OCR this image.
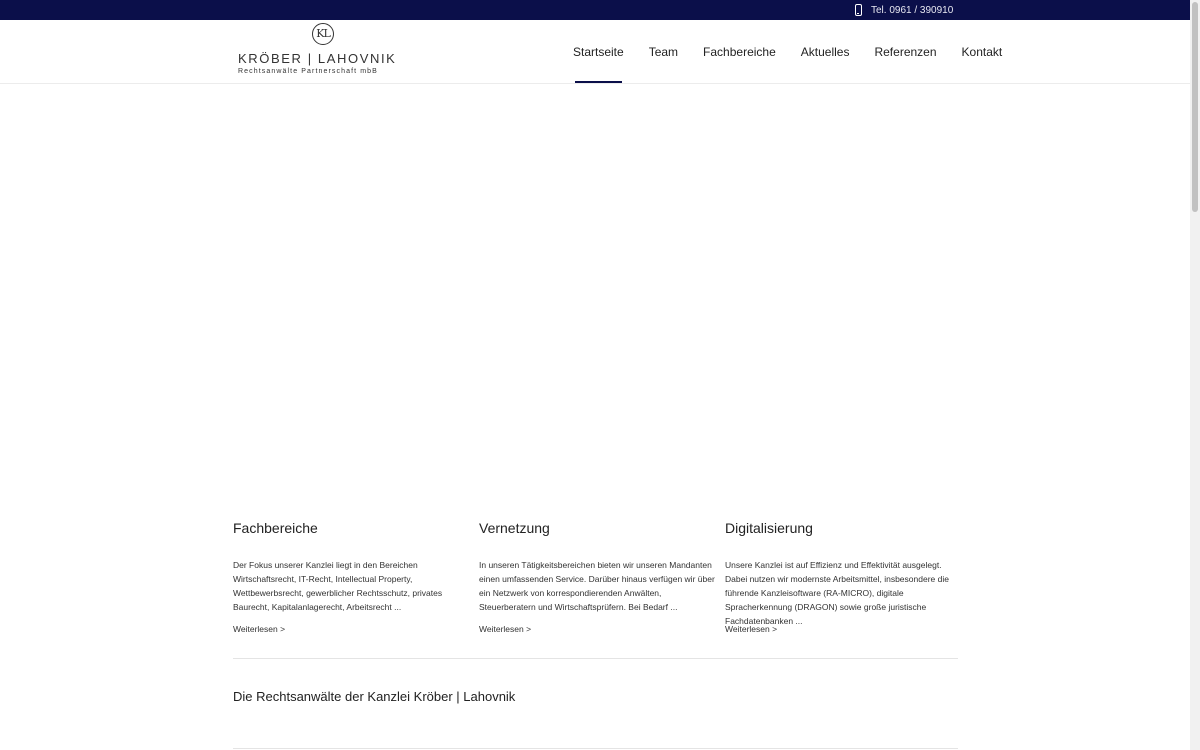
Tel. 0961 / 390910
KL
KRÖBER | LAHOVNIK
Rechtsanwälte Partnerschaft mbB
Startseite Team Fachbereiche Aktuelles Referenzen Kontakt
Fachbereiche

Der Fokus unserer Kanzlei liegt in den Bereichen Wirtschaftsrecht, IT-Recht, Intellectual Property, Wettbewerbsrecht, gewerblicher Rechtsschutz, privates Baurecht, Kapitalanlagerecht, Arbeitsrecht ...

Weiterlesen >
Vernetzung

In unseren Tätigkeitsbereichen bieten wir unseren Mandanten einen umfassenden Service. Darüber hinaus verfügen wir über ein Netzwerk von korrespondierenden Anwälten, Steuerberatern und Wirtschaftsprüfern. Bei Bedarf ...

Weiterlesen >
Digitalisierung

Unsere Kanzlei ist auf Effizienz und Effektivität ausgelegt. Dabei nutzen wir modernste Arbeitsmittel, insbesondere die führende Kanzleisoftware (RA-MICRO), digitale Spracherkennung (DRAGON) sowie große juristische Fachdatenbanken ...

Weiterlesen >
Die Rechtsanwälte der Kanzlei Kröber | Lahovnik
